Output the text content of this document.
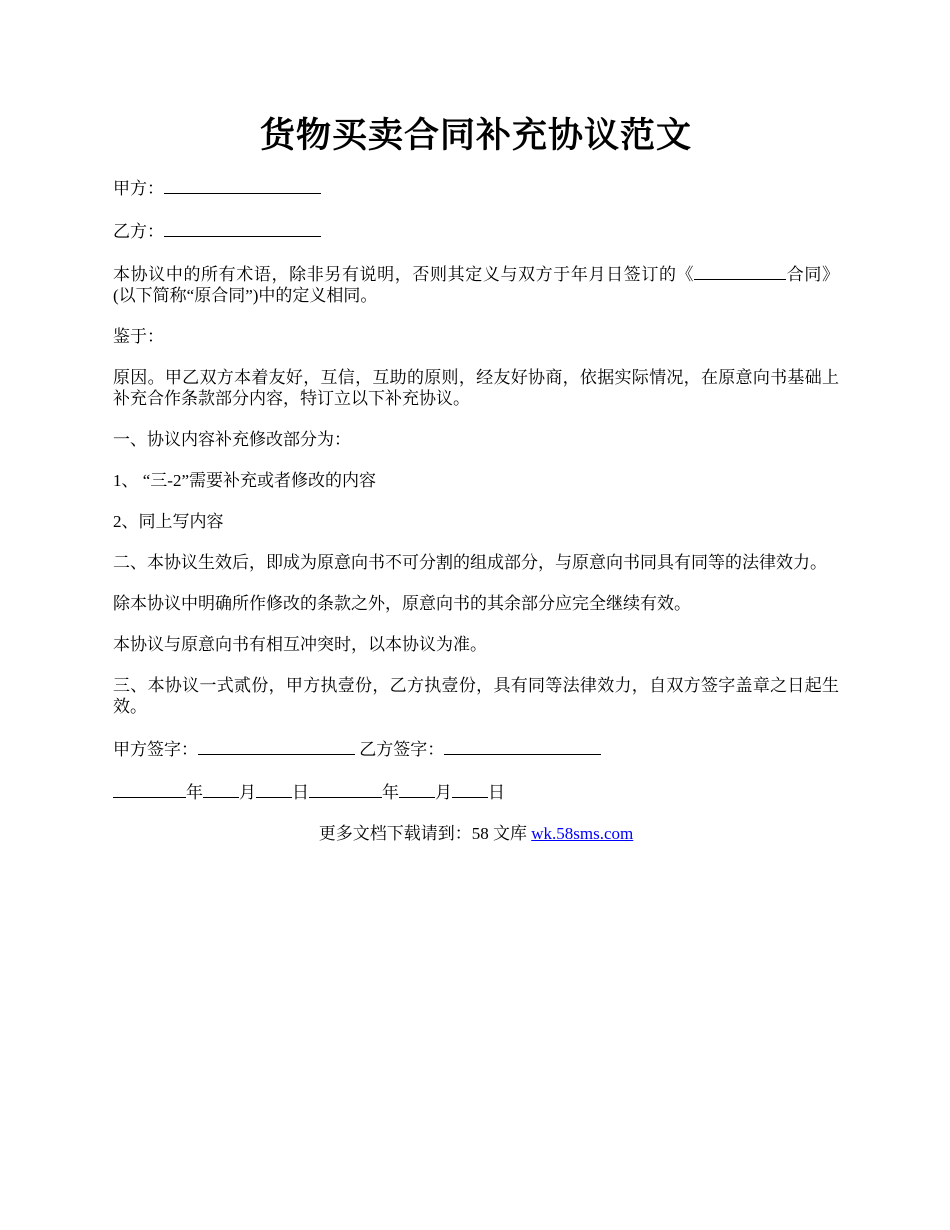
货物买卖合同补充协议范文

甲方：

乙方：

本协议中的所有术语，除非另有说明，否则其定义与双方于年月日签订的《	合同》(以下简称“原合同”)中的定义相同。

鉴于：

原因。甲乙双方本着友好，互信，互助的原则，经友好协商，依据实际情况，在原意向书基础上补充合作条款部分内容，特订立以下补充协议。

一、协议内容补充修改部分为：

1、 “三-2”需要补充或者修改的内容

2、同上写内容

二、本协议生效后，即成为原意向书不可分割的组成部分，与原意向书同具有同等的法律效力。

除本协议中明确所作修改的条款之外，原意向书的其余部分应完全继续有效。

本协议与原意向书有相互冲突时，以本协议为准。

三、本协议一式贰份，甲方执壹份，乙方执壹份，具有同等法律效力，自双方签字盖章之日起生效。

甲方签字：	乙方签字：

年 月 日	年 月 日

更多文档下载请到：58 文库 wk.58sms.com
